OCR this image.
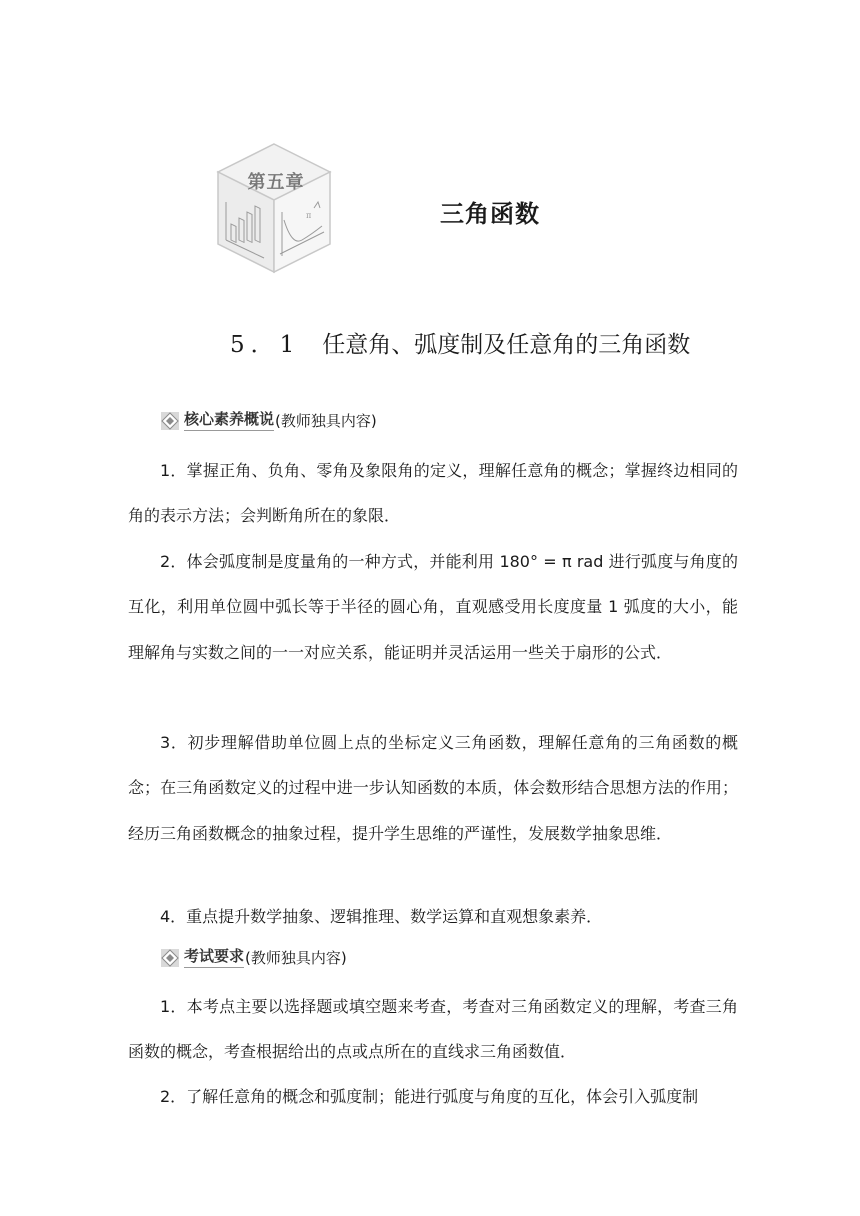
π
第五章
三角函数
5．1 任意角、弧度制及任意角的三角函数
核心素养概说 (教师独具内容)

1．掌握正角、负角、零角及象限角的定义，理解任意角的概念；掌握终边相同的角的表示方法；会判断角所在的象限．

2．体会弧度制是度量角的一种方式，并能利用 180° = π rad 进行弧度与角度的互化，利用单位圆中弧长等于半径的圆心角，直观感受用长度度量 1 弧度的大小，能理解角与实数之间的一一对应关系，能证明并灵活运用一些关于扇形的公式．

3．初步理解借助单位圆上点的坐标定义三角函数，理解任意角的三角函数的概念；在三角函数定义的过程中进一步认知函数的本质，体会数形结合思想方法的作用；经历三角函数概念的抽象过程，提升学生思维的严谨性，发展数学抽象思维．

4．重点提升数学抽象、逻辑推理、数学运算和直观想象素养．

考试要求 (教师独具内容)

1．本考点主要以选择题或填空题来考查，考查对三角函数定义的理解，考查三角函数的概念，考查根据给出的点或点所在的直线求三角函数值．

2．了解任意角的概念和弧度制；能进行弧度与角度的互化，体会引入弧度制
